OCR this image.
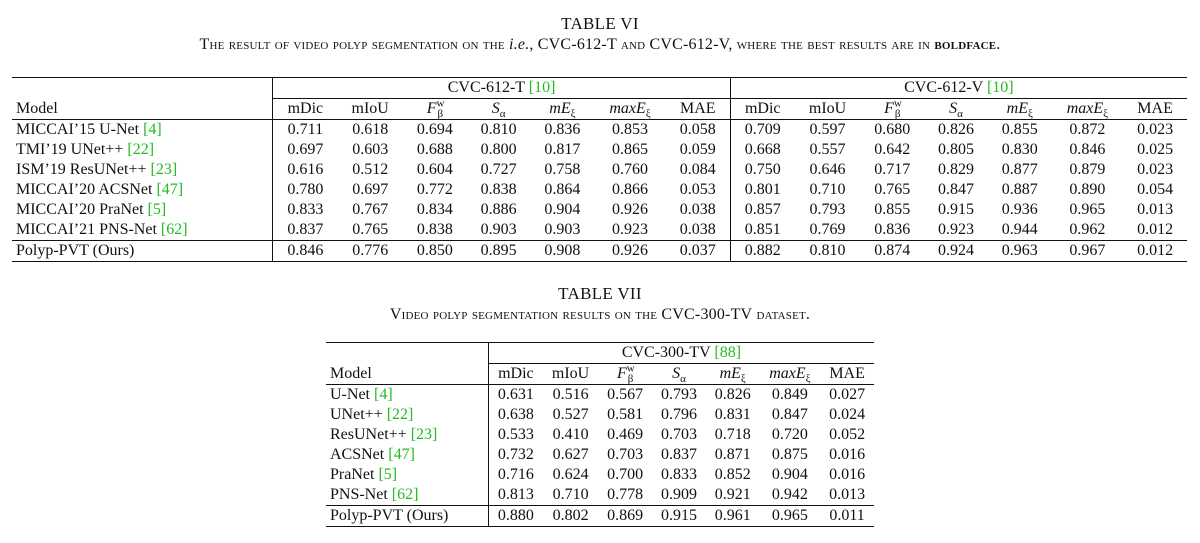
TABLE VI
The result of video polyp segmentation on the i.e., CVC-612-T and CVC-612-V, where the best results are in boldface.
	CVC-612-T [10]							CVC-612-V [10]						
Model	mDic	mIoU	$F^w_\beta$	$S_\alpha$	$mE_\xi$	maxE$_\xi$	MAE	mDic	mIoU	$F^w_\beta$	$S_\alpha$	$mE_\xi$	maxE$_\xi$	MAE
MICCAI’15 U-Net [4]	0.711	0.618	0.694	0.810	0.836	0.853	0.058	0.709	0.597	0.680	0.826	0.855	0.872	0.023
TMI’19 UNet++ [22]	0.697	0.603	0.688	0.800	0.817	0.865	0.059	0.668	0.557	0.642	0.805	0.830	0.846	0.025
ISM’19 ResUNet++ [23]	0.616	0.512	0.604	0.727	0.758	0.760	0.084	0.750	0.646	0.717	0.829	0.877	0.879	0.023
MICCAI’20 ACSNet [47]	0.780	0.697	0.772	0.838	0.864	0.866	0.053	0.801	0.710	0.765	0.847	0.887	0.890	0.054
MICCAI’20 PraNet [5]	0.833	0.767	0.834	0.886	0.904	0.926	0.038	0.857	0.793	0.855	0.915	0.936	0.965	0.013
MICCAI’21 PNS-Net [62]	0.837	0.765	0.838	0.903	0.903	0.923	0.038	0.851	0.769	0.836	0.923	0.944	0.962	0.012
Polyp-PVT (Ours)	0.846	0.776	0.850	0.895	0.908	0.926	0.037	0.882	0.810	0.874	0.924	0.963	0.967	0.012
TABLE VII
Video polyp segmentation results on the CVC-300-TV dataset.
	CVC-300-TV [88]						
Model	mDic	mIoU	$F^w_\beta$	$S_\alpha$	$mE_\xi$	maxE$_\xi$	MAE
U-Net [4]	0.631	0.516	0.567	0.793	0.826	0.849	0.027
UNet++ [22]	0.638	0.527	0.581	0.796	0.831	0.847	0.024
ResUNet++ [23]	0.533	0.410	0.469	0.703	0.718	0.720	0.052
ACSNet [47]	0.732	0.627	0.703	0.837	0.871	0.875	0.016
PraNet [5]	0.716	0.624	0.700	0.833	0.852	0.904	0.016
PNS-Net [62]	0.813	0.710	0.778	0.909	0.921	0.942	0.013
Polyp-PVT (Ours)	0.880	0.802	0.869	0.915	0.961	0.965	0.011
